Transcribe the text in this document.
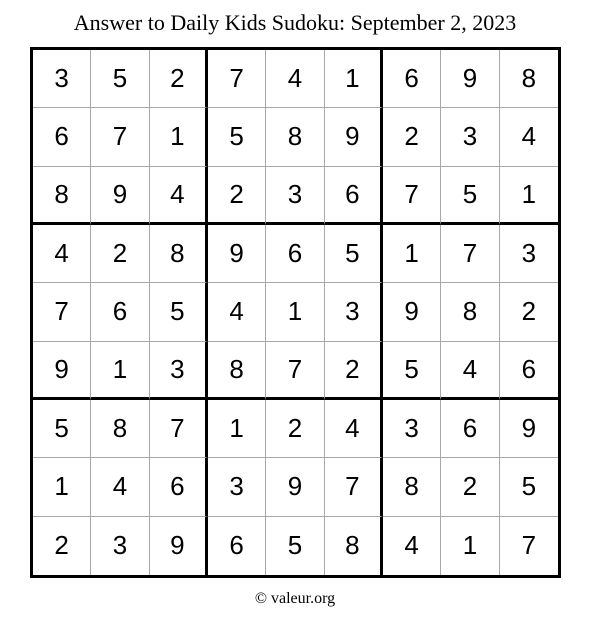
Answer to Daily Kids Sudoku: September 2, 2023
3	5	2	7	4	1	6	9	8
6	7	1	5	8	9	2	3	4
8	9	4	2	3	6	7	5	1
4	2	8	9	6	5	1	7	3
7	6	5	4	1	3	9	8	2
9	1	3	8	7	2	5	4	6
5	8	7	1	2	4	3	6	9
1	4	6	3	9	7	8	2	5
2	3	9	6	5	8	4	1	7
© valeur.org
